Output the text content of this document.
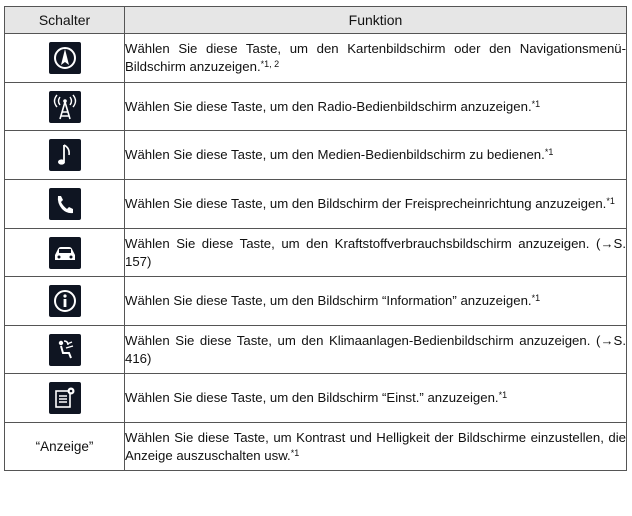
Schalter	Funktion

	Wählen Sie diese Taste, um den Kartenbildschirm oder den Navigationsmenü-Bildschirm anzuzeigen.$^{*1, 2}$

	Wählen Sie diese Taste, um den Radio-Bedienbildschirm anzuzeigen.$^{*1}$

	Wählen Sie diese Taste, um den Medien-Bedienbildschirm zu bedienen.$^{*1}$

	Wählen Sie diese Taste, um den Bildschirm der Freisprecheinrichtung anzuzeigen.$^{*1}$

	Wählen Sie diese Taste, um den Kraftstoffverbrauchsbildschirm anzuzeigen. (→S. 157)

	Wählen Sie diese Taste, um den Bildschirm “Information” anzuzeigen.$^{*1}$

	Wählen Sie diese Taste, um den Klimaanlagen-Bedienbildschirm anzuzeigen. (→S. 416)

	Wählen Sie diese Taste, um den Bildschirm “Einst.” anzuzeigen.$^{*1}$
“Anzeige”	Wählen Sie diese Taste, um Kontrast und Helligkeit der Bildschirme einzustellen, die Anzeige auszuschalten usw.$^{*1}$
